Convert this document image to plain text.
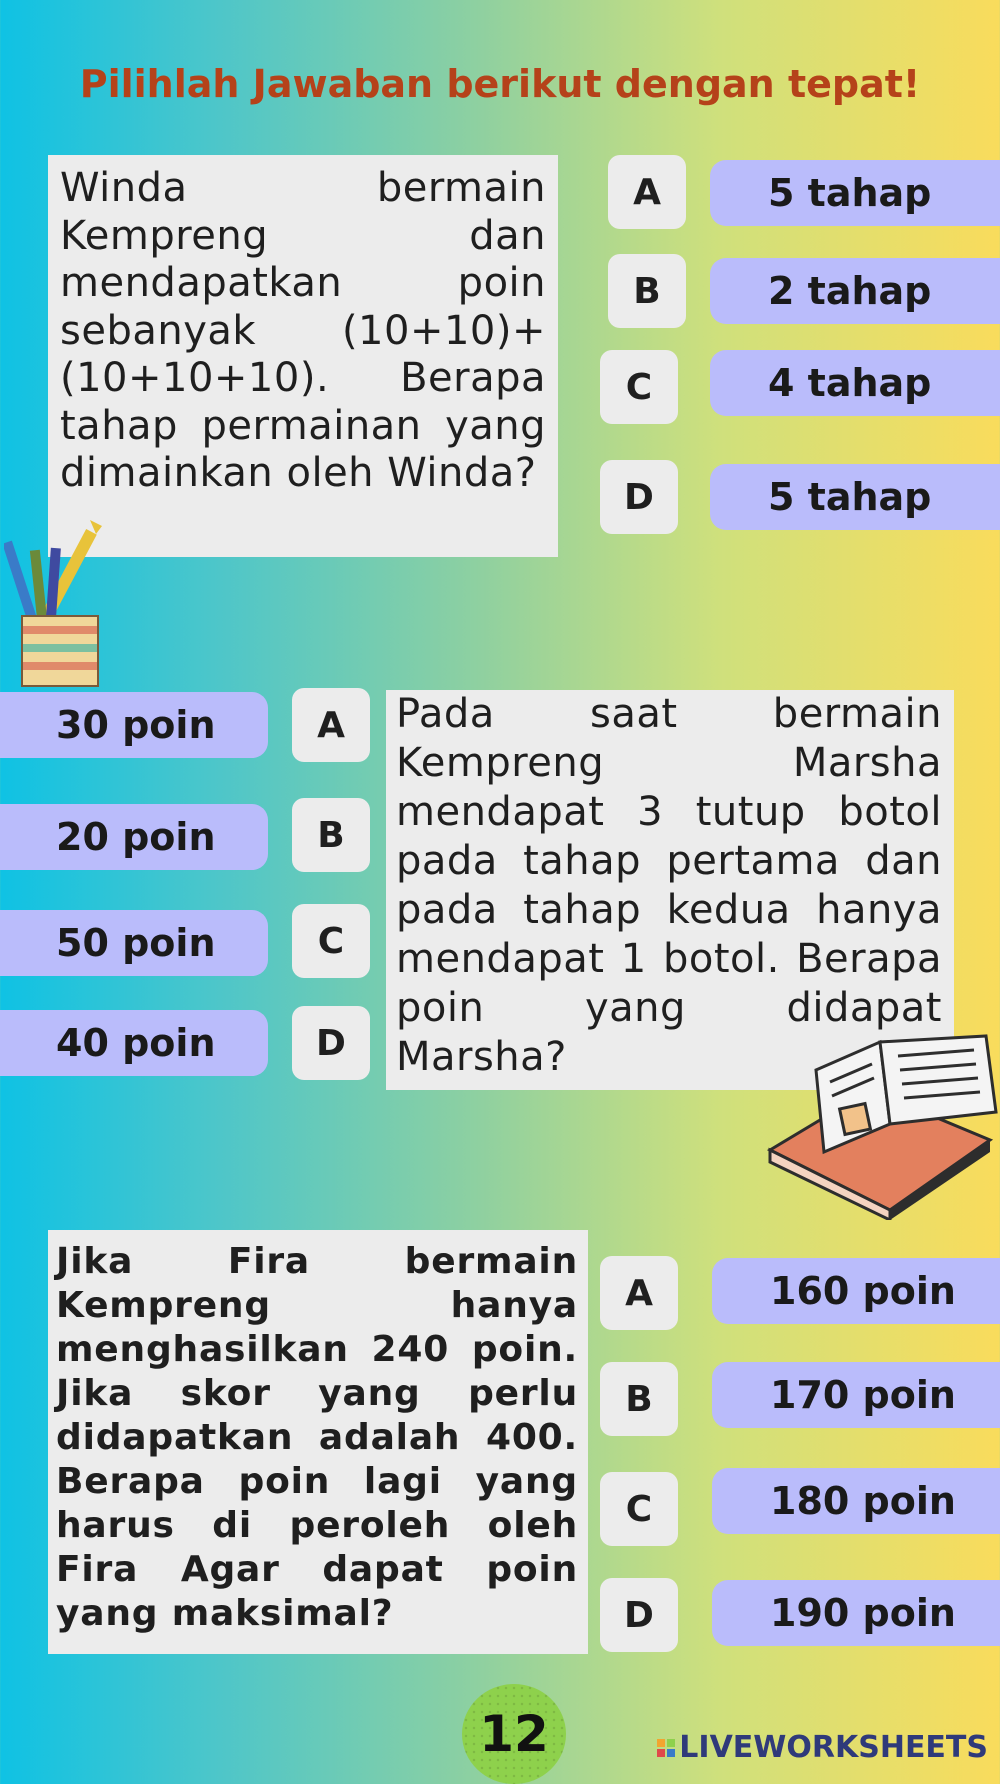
Pilihlah Jawaban berikut dengan tepat!
Winda bermain Kempreng dan mendapatkan poin sebanyak (10+10)+(10+10+10). Berapa tahap permainan yang dimainkan oleh Winda?
A	5 tahap
B	2 tahap
C	4 tahap
D	5 tahap
30 poin	A
20 poin	B
50 poin	C
40 poin	D
Pada saat bermain Kempreng Marsha mendapat 3 tutup botol pada tahap pertama dan pada tahap kedua hanya mendapat 1 botol. Berapa poin yang didapat Marsha?
Jika Fira bermain Kempreng hanya menghasilkan 240 poin. Jika skor yang perlu didapatkan adalah 400. Berapa poin lagi yang harus di peroleh oleh Fira Agar dapat poin yang maksimal?
A	160 poin
B	170 poin
C	180 poin
D	190 poin
12	LIVEWORKSHEETS
